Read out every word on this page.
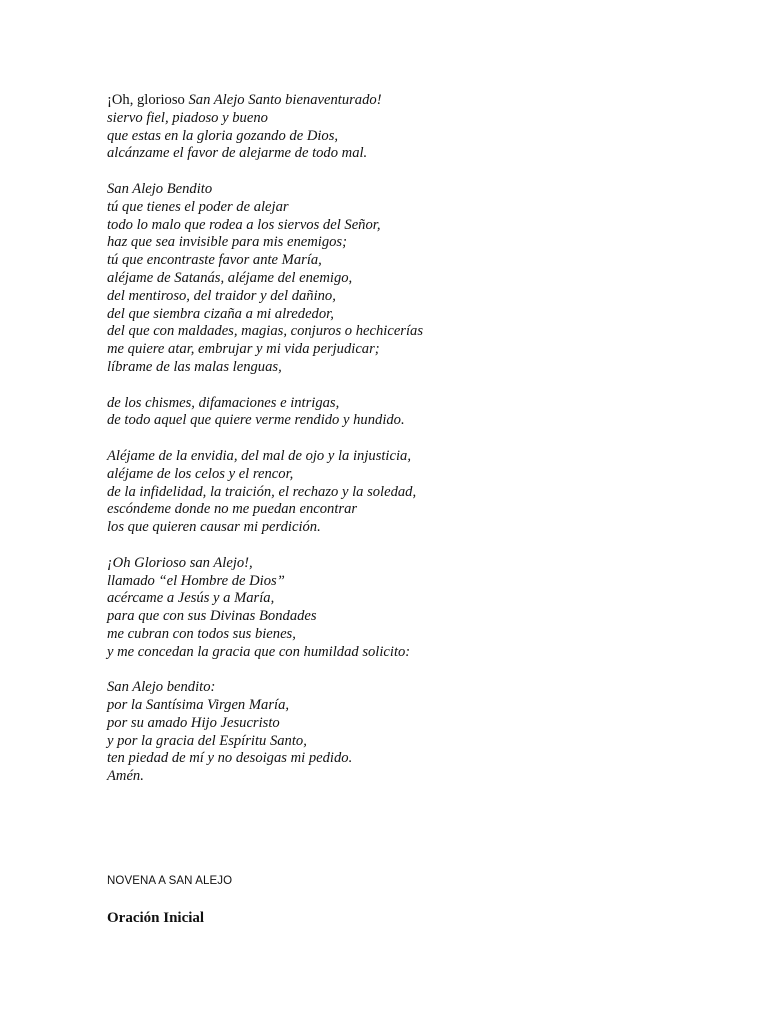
¡Oh, glorioso San Alejo Santo bienaventurado!
siervo fiel, piadoso y bueno
que estas en la gloria gozando de Dios,
alcánzame el favor de alejarme de todo mal.
San Alejo Bendito
tú que tienes el poder de alejar
todo lo malo que rodea a los siervos del Señor,
haz que sea invisible para mis enemigos;
tú que encontraste favor ante María,
aléjame de Satanás, aléjame del enemigo,
del mentiroso, del traidor y del dañino,
del que siembra cizaña a mi alrededor,
del que con maldades, magias, conjuros o hechicerías
me quiere atar, embrujar y mi vida perjudicar;
líbrame de las malas lenguas,
de los chismes, difamaciones e intrigas,
de todo aquel que quiere verme rendido y hundido.
Aléjame de la envidia, del mal de ojo y la injusticia,
aléjame de los celos y el rencor,
de la infidelidad, la traición, el rechazo y la soledad,
escóndeme donde no me puedan encontrar
los que quieren causar mi perdición.
¡Oh Glorioso san Alejo!,
llamado “el Hombre de Dios”
acércame a Jesús y a María,
para que con sus Divinas Bondades
me cubran con todos sus bienes,
y me concedan la gracia que con humildad solicito:
San Alejo bendito:
por la Santísima Virgen María,
por su amado Hijo Jesucristo
y por la gracia del Espíritu Santo,
ten piedad de mí y no desoigas mi pedido.
Amén.
NOVENA A SAN ALEJO
Oración Inicial
